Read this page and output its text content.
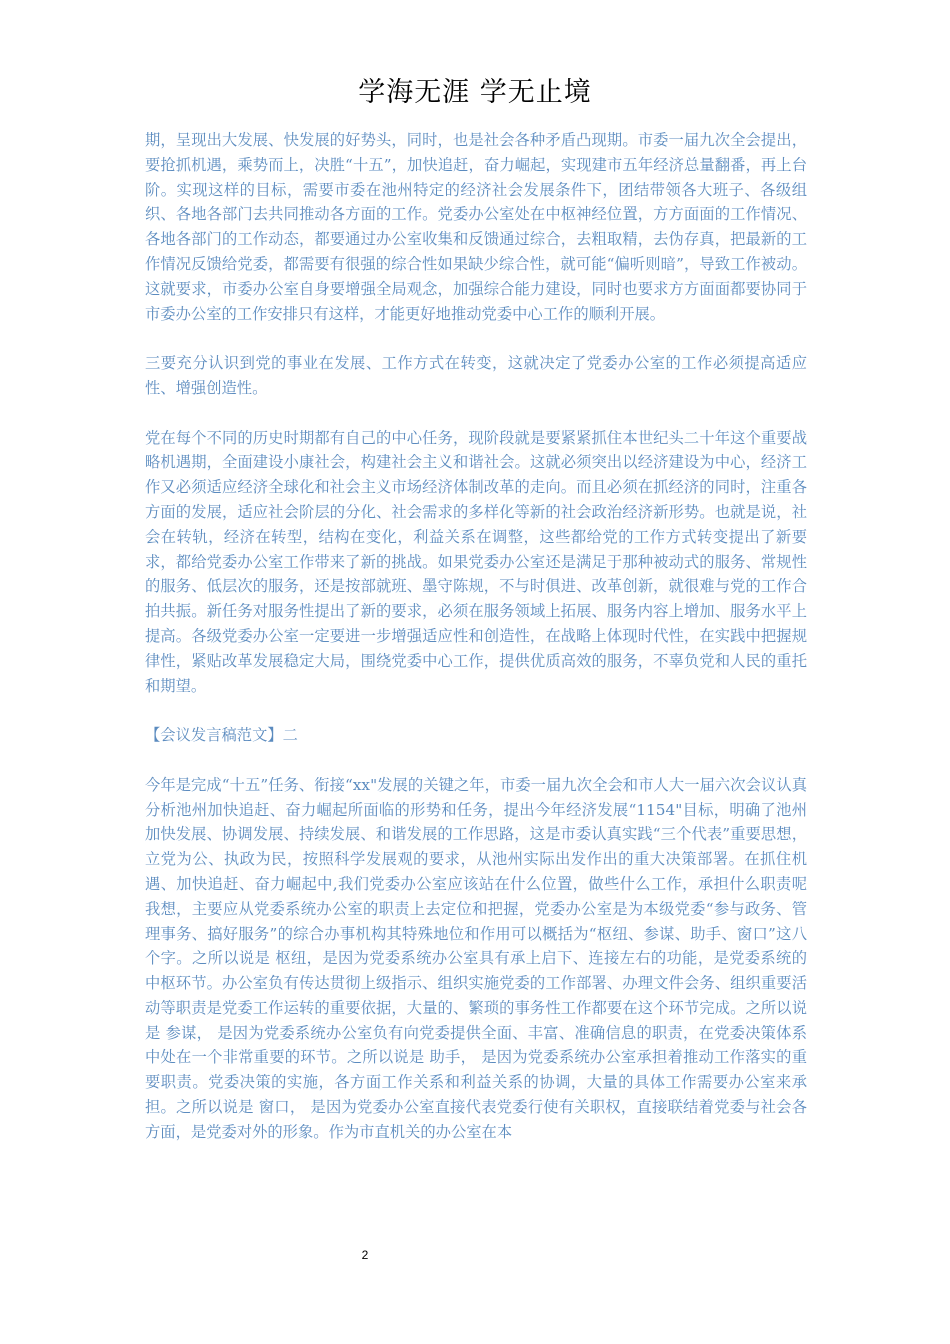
学海无涯 学无止境

期，呈现出大发展、快发展的好势头，同时，也是社会各种矛盾凸现期。市委一届九次全会提出，要抢抓机遇，乘势而上，决胜“十五”，加快追赶，奋力崛起，实现建市五年经济总量翻番，再上台阶。实现这样的目标，需要市委在池州特定的经济社会发展条件下，团结带领各大班子、各级组织、各地各部门去共同推动各方面的工作。党委办公室处在中枢神经位置，方方面面的工作情况、各地各部门的工作动态，都要通过办公室收集和反馈通过综合，去粗取精，去伪存真，把最新的工作情况反馈给党委，都需要有很强的综合性如果缺少综合性，就可能“偏听则暗”，导致工作被动。这就要求，市委办公室自身要增强全局观念，加强综合能力建设，同时也要求方方面面都要协同于市委办公室的工作安排只有这样，才能更好地推动党委中心工作的顺利开展。

三要充分认识到党的事业在发展、工作方式在转变，这就决定了党委办公室的工作必须提高适应性、增强创造性。

党在每个不同的历史时期都有自己的中心任务，现阶段就是要紧紧抓住本世纪头二十年这个重要战略机遇期，全面建设小康社会，构建社会主义和谐社会。这就必须突出以经济建设为中心，经济工作又必须适应经济全球化和社会主义市场经济体制改革的走向。而且必须在抓经济的同时，注重各方面的发展，适应社会阶层的分化、社会需求的多样化等新的社会政治经济新形势。也就是说，社会在转轨，经济在转型，结构在变化，利益关系在调整，这些都给党的工作方式转变提出了新要求，都给党委办公室工作带来了新的挑战。如果党委办公室还是满足于那种被动式的服务、常规性的服务、低层次的服务，还是按部就班、墨守陈规，不与时俱进、改革创新，就很难与党的工作合拍共振。新任务对服务性提出了新的要求，必须在服务领域上拓展、服务内容上增加、服务水平上提高。各级党委办公室一定要进一步增强适应性和创造性，在战略上体现时代性，在实践中把握规律性，紧贴改革发展稳定大局，围绕党委中心工作，提供优质高效的服务，不辜负党和人民的重托和期望。

【会议发言稿范文】二

今年是完成“十五”任务、衔接“xx"发展的关键之年，市委一届九次全会和市人大一届六次会议认真分析池州加快追赶、奋力崛起所面临的形势和任务，提出今年经济发展“1154"目标，明确了池州加快发展、协调发展、持续发展、和谐发展的工作思路，这是市委认真实践“三个代表”重要思想，立党为公、执政为民，按照科学发展观的要求，从池州实际出发作出的重大决策部署。在抓住机遇、加快追赶、奋力崛起中,我们党委办公室应该站在什么位置，做些什么工作，承担什么职责呢我想，主要应从党委系统办公室的职责上去定位和把握，党委办公室是为本级党委“参与政务、管理事务、搞好服务”的综合办事机构其特殊地位和作用可以概括为“枢纽、参谋、助手、窗口”这八个字。之所以说是 枢纽，是因为党委系统办公室具有承上启下、连接左右的功能，是党委系统的中枢环节。办公室负有传达贯彻上级指示、组织实施党委的工作部署、办理文件会务、组织重要活动等职责是党委工作运转的重要依据，大量的、繁琐的事务性工作都要在这个环节完成。之所以说是 参谋， 是因为党委系统办公室负有向党委提供全面、丰富、准确信息的职责，在党委决策体系中处在一个非常重要的环节。之所以说是 助手， 是因为党委系统办公室承担着推动工作落实的重要职责。党委决策的实施，各方面工作关系和利益关系的协调，大量的具体工作需要办公室来承担。之所以说是 窗口， 是因为党委办公室直接代表党委行使有关职权，直接联结着党委与社会各方面，是党委对外的形象。作为市直机关的办公室在本

2
